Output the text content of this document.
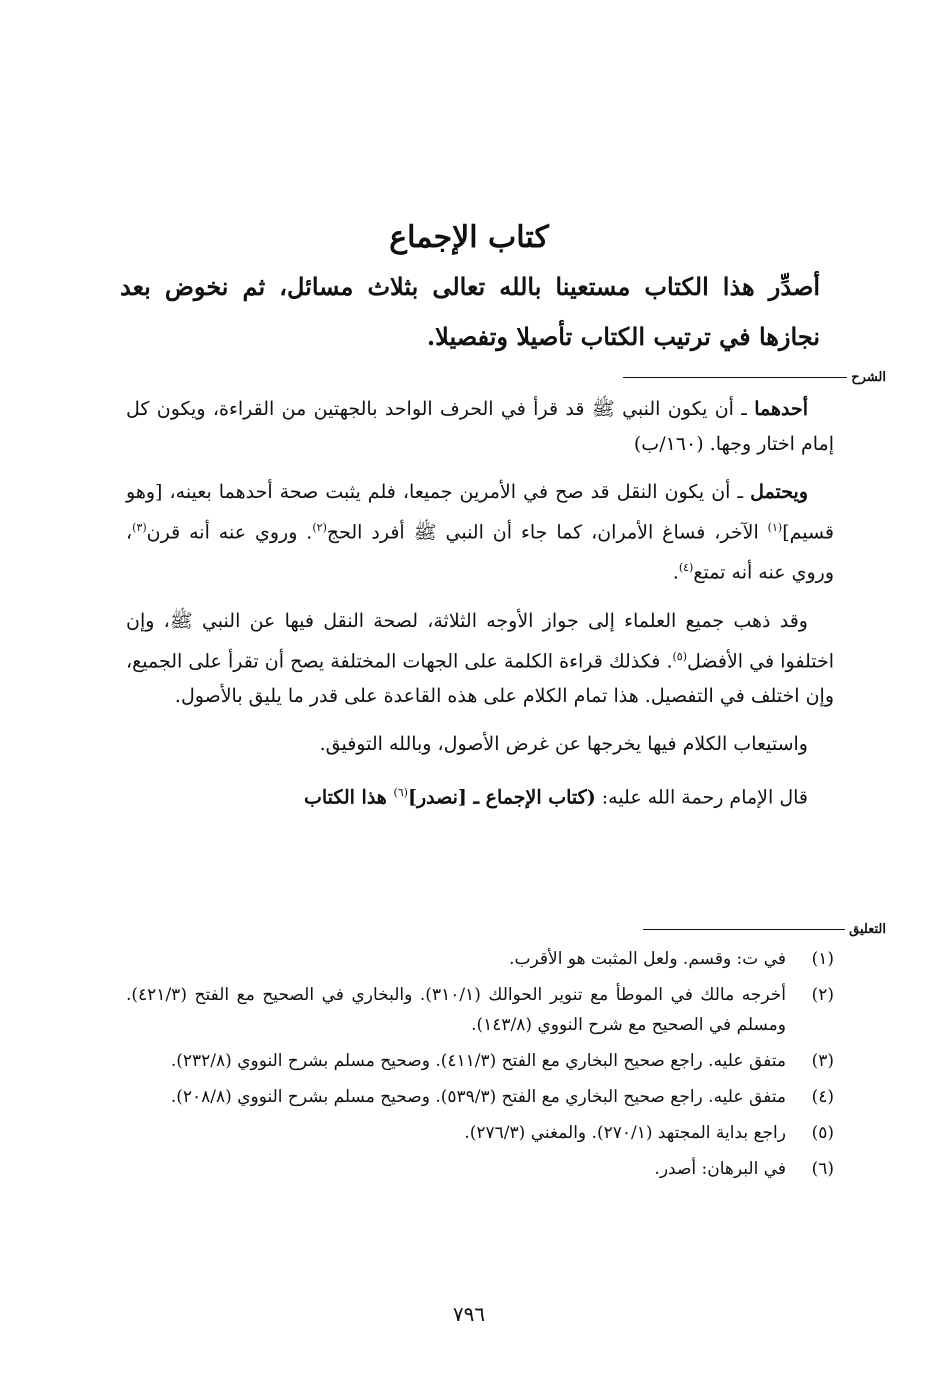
كتاب الإجماع
أصدِّر هذا الكتاب مستعينا بالله تعالى بثلاث مسائل، ثم نخوض بعد نجازها في ترتيب الكتاب تأصيلا وتفصيلا.
الشرح

أحدهما ـ أن يكون النبي ﷺ قد قرأ في الحرف الواحد بالجهتين من القراءة، ويكون كل إمام اختار وجها. (١٦٠/ب)

ويحتمل ـ أن يكون النقل قد صح في الأمرين جميعا، فلم يثبت صحة أحدهما بعينه، [وهو قسيم]$^{(١)}$ الآخر، فساغ الأمران، كما جاء أن النبي ﷺ أفرد الحج$^{(٢)}$. وروي عنه أنه قرن$^{(٣)}$، وروي عنه أنه تمتع$^{(٤)}$.

وقد ذهب جميع العلماء إلى جواز الأوجه الثلاثة، لصحة النقل فيها عن النبي ﷺ، وإن اختلفوا في الأفضل$^{(٥)}$. فكذلك قراءة الكلمة على الجهات المختلفة يصح أن تقرأ على الجميع، وإن اختلف في التفصيل. هذا تمام الكلام على هذه القاعدة على قدر ما يليق بالأصول.

واستيعاب الكلام فيها يخرجها عن غرض الأصول، وبالله التوفيق.

قال الإمام رحمة الله عليه: (كتاب الإجماع ـ [نصدر]$^{(٦)}$ هذا الكتاب

التعليق
(١)
في ت: وقسم. ولعل المثبت هو الأقرب.
(٢)
أخرجه مالك في الموطأ مع تنوير الحوالك (٣١٠/١). والبخاري في الصحيح مع الفتح (٤٢١/٣). ومسلم في الصحيح مع شرح النووي (١٤٣/٨).
(٣)
متفق عليه. راجع صحيح البخاري مع الفتح (٤١١/٣). وصحيح مسلم بشرح النووي (٢٣٢/٨).
(٤)
متفق عليه. راجع صحيح البخاري مع الفتح (٥٣٩/٣). وصحيح مسلم بشرح النووي (٢٠٨/٨).
(٥)
راجع بداية المجتهد (٢٧٠/١). والمغني (٢٧٦/٣).
(٦)
في البرهان: أصدر.
٧٩٦
